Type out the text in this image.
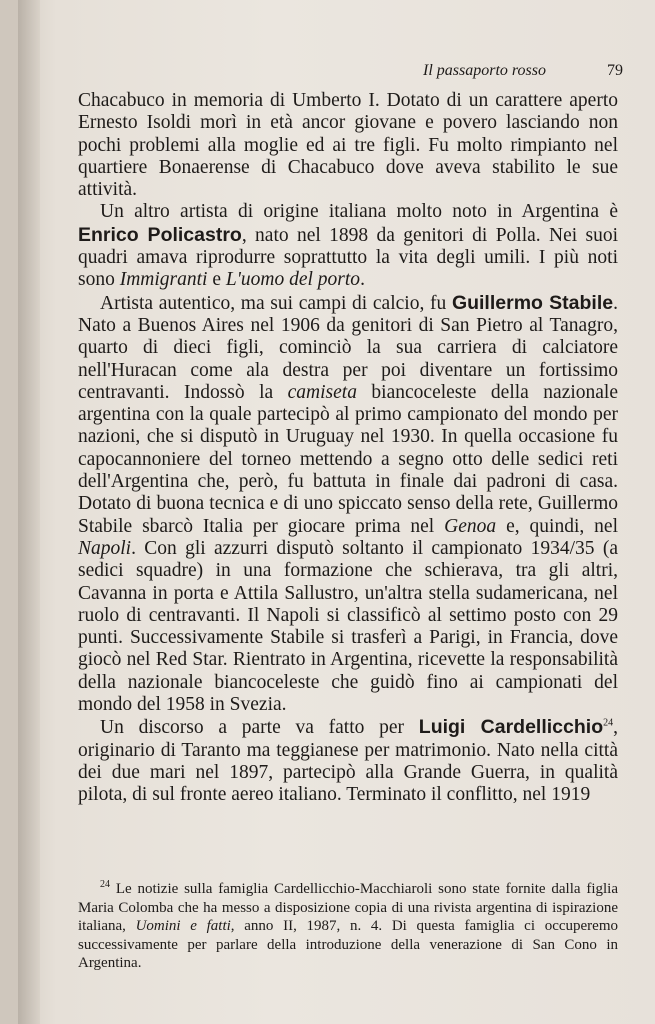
Il passaporto rosso	79

Chacabuco in memoria di Umberto I. Dotato di un carattere aperto Ernesto Isoldi morì in età ancor giovane e povero lasciando non pochi problemi alla moglie ed ai tre figli. Fu molto rimpianto nel quartiere Bonaerense di Chacabuco dove aveva stabilito le sue attività.

Un altro artista di origine italiana molto noto in Argentina è Enrico Policastro, nato nel 1898 da genitori di Polla. Nei suoi quadri amava riprodurre soprattutto la vita degli umili. I più noti sono Immigranti e L'uomo del porto.

Artista autentico, ma sui campi di calcio, fu Guillermo Stabile. Nato a Buenos Aires nel 1906 da genitori di San Pietro al Tanagro, quarto di dieci figli, cominciò la sua carriera di calciatore nell'Huracan come ala destra per poi diventare un fortissimo centravanti. Indossò la camiseta biancoceleste della nazionale argentina con la quale partecipò al primo campionato del mondo per nazioni, che si disputò in Uruguay nel 1930. In quella occasione fu capocannoniere del torneo mettendo a segno otto delle sedici reti dell'Argentina che, però, fu battuta in finale dai padroni di casa. Dotato di buona tecnica e di uno spiccato senso della rete, Guillermo Stabile sbarcò Italia per giocare prima nel Genoa e, quindi, nel Napoli. Con gli azzurri disputò soltanto il campionato 1934/35 (a sedici squadre) in una formazione che schierava, tra gli altri, Cavanna in porta e Attila Sallustro, un'altra stella sudamericana, nel ruolo di centravanti. Il Napoli si classificò al settimo posto con 29 punti. Successivamente Stabile si trasferì a Parigi, in Francia, dove giocò nel Red Star. Rientrato in Argentina, ricevette la responsabilità della nazionale biancoceleste che guidò fino ai campionati del mondo del 1958 in Svezia.

Un discorso a parte va fatto per Luigi Cardellicchio$^{24}$, originario di Taranto ma teggianese per matrimonio. Nato nella città dei due mari nel 1897, partecipò alla Grande Guerra, in qualità pilota, di sul fronte aereo italiano. Terminato il conflitto, nel 1919

$^{24}$ Le notizie sulla famiglia Cardellicchio-Macchiaroli sono state fornite dalla figlia Maria Colomba che ha messo a disposizione copia di una rivista argentina di ispirazione italiana, Uomini e fatti, anno II, 1987, n. 4. Di questa famiglia ci occuperemo successivamente per parlare della introduzione della venerazione di San Cono in Argentina.
